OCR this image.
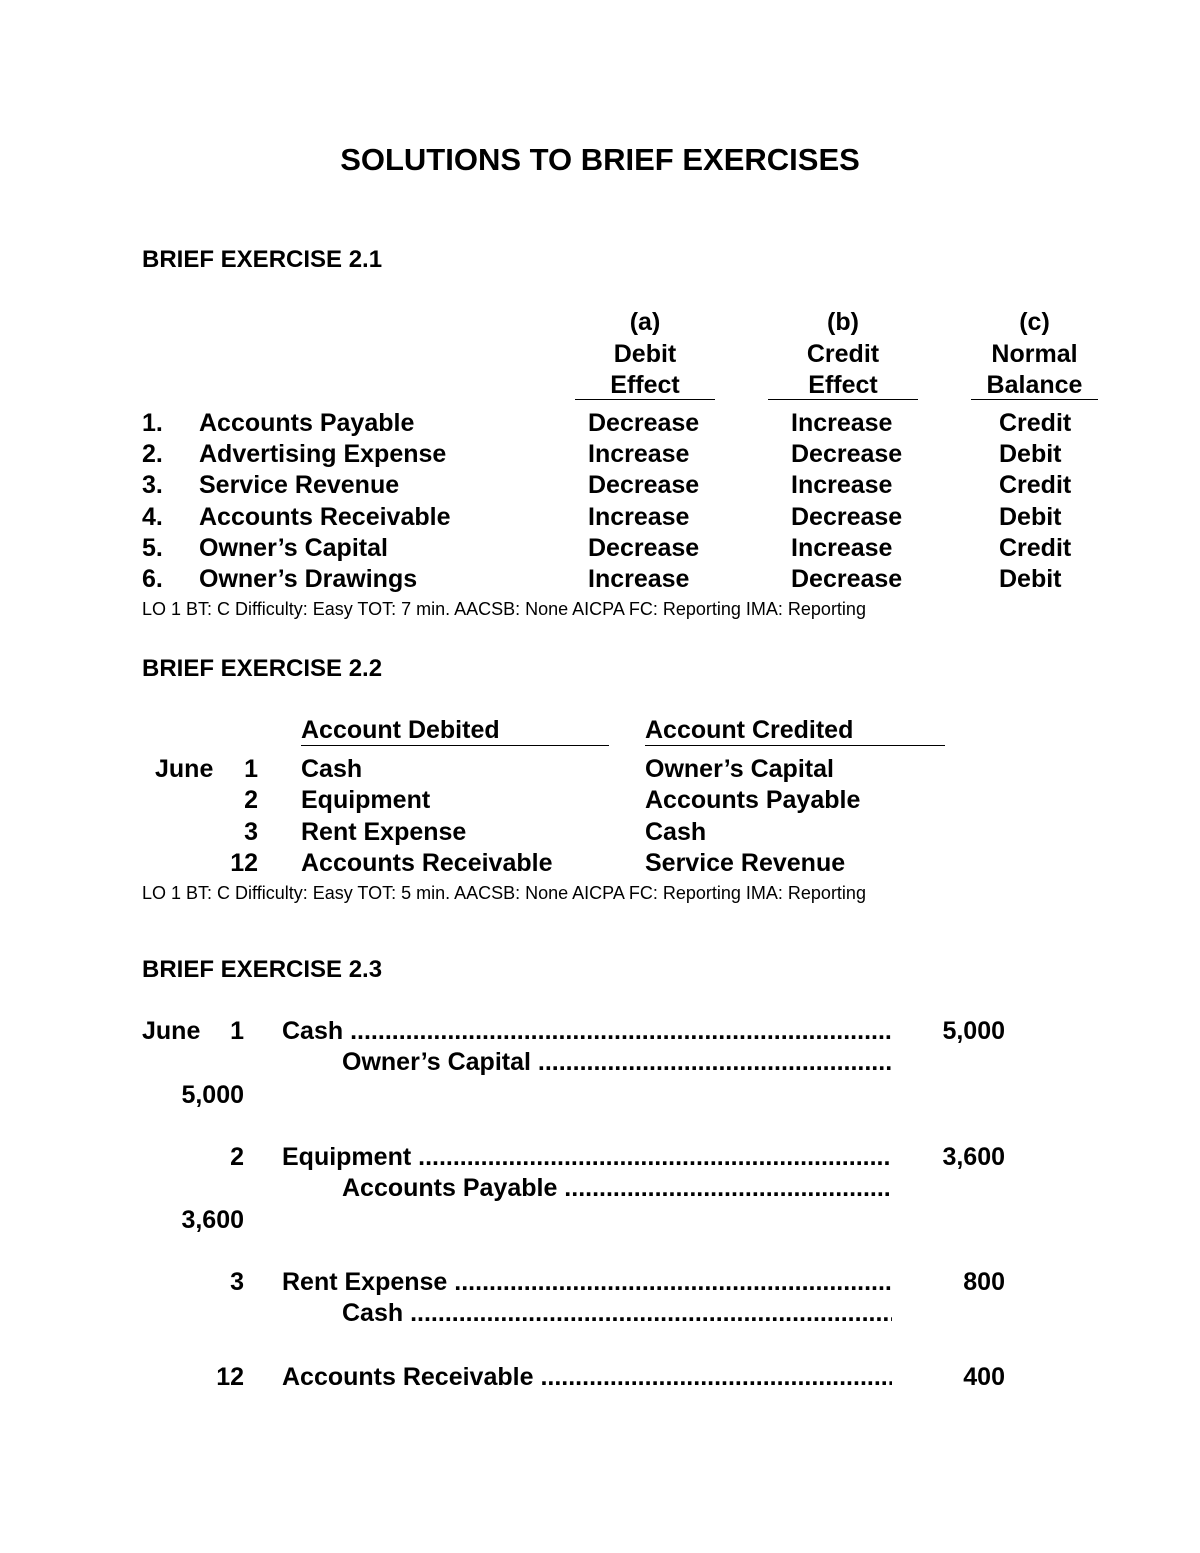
SOLUTIONS TO BRIEF EXERCISES
BRIEF EXERCISE 2.1
(a)
Debit
Effect
(b)
Credit
Effect
(c)
Normal
Balance
1. Accounts Payable	Decrease	Increase	Credit
2. Advertising Expense	Increase	Decrease	Debit
3. Service Revenue	Decrease	Increase	Credit
4. Accounts Receivable	Increase	Decrease	Debit
5. Owner’s Capital	Decrease	Increase	Credit
6. Owner’s Drawings	Increase	Decrease	Debit
LO 1 BT: C Difficulty: Easy TOT: 7 min. AACSB: None AICPA FC: Reporting IMA: Reporting
BRIEF EXERCISE 2.2
Account Debited	Account Credited
June	1 Cash	Owner’s Capital
2 Equipment	Accounts Payable
3 Rent Expense	Cash
12 Accounts Receivable	Service Revenue
LO 1 BT: C Difficulty: Easy TOT: 5 min. AACSB: None AICPA FC: Reporting IMA: Reporting
BRIEF EXERCISE 2.3
June	1 Cash .....	5,000
Owner’s Capital .....
5,000
2 Equipment .....	3,600
Accounts Payable .....
3,600
3 Rent Expense .....	800
Cash .....
12 Accounts Receivable .....	400
